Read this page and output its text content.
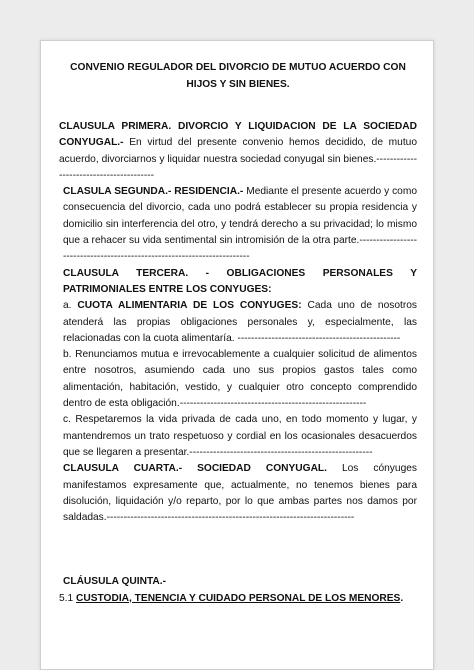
CONVENIO REGULADOR DEL DIVORCIO DE MUTUO ACUERDO CON
HIJOS Y SIN BIENES.

CLAUSULA PRIMERA. DIVORCIO Y LIQUIDACION DE LA SOCIEDAD CONYUGAL.- En virtud del presente convenio hemos decidido, de mutuo acuerdo, divorciarnos y liquidar nuestra sociedad conyugal sin bienes.----------------------------------------

CLASULA SEGUNDA.- RESIDENCIA.- Mediante el presente acuerdo y como consecuencia del divorcio, cada uno podrá establecer su propia residencia y domicilio sin interferencia del otro, y tendrá derecho a su privacidad; lo mismo que a rehacer su vida sentimental sin intromisión de la otra parte.------------------------------------------------------------------------

CLAUSULA TERCERA. - OBLIGACIONES PERSONALES Y PATRIMONIALES ENTRE LOS CONYUGES:

a. CUOTA ALIMENTARIA DE LOS CONYUGES: Cada uno de nosotros atenderá las propias obligaciones personales y, especialmente, las relacionadas con la cuota alimentaría. ------------------------------------------------

b. Renunciamos mutua e irrevocablemente a cualquier solicitud de alimentos entre nosotros, asumiendo cada uno sus propios gastos tales como alimentación, habitación, vestido, y cualquier otro concepto comprendido dentro de esta obligación.-------------------------------------------------------

c. Respetaremos la vida privada de cada uno, en todo momento y lugar, y mantendremos un trato respetuoso y cordial en los ocasionales desacuerdos que se llegaren a presentar.------------------------------------------------------

CLAUSULA CUARTA.- SOCIEDAD CONYUGAL. Los cónyuges manifestamos expresamente que, actualmente, no tenemos bienes para disolución, liquidación y/o reparto, por lo que ambas partes nos damos por saldadas.-------------------------------------------------------------------------

CLÁUSULA QUINTA.-

5.1 CUSTODIA, TENENCIA Y CUIDADO PERSONAL DE LOS MENORES.
